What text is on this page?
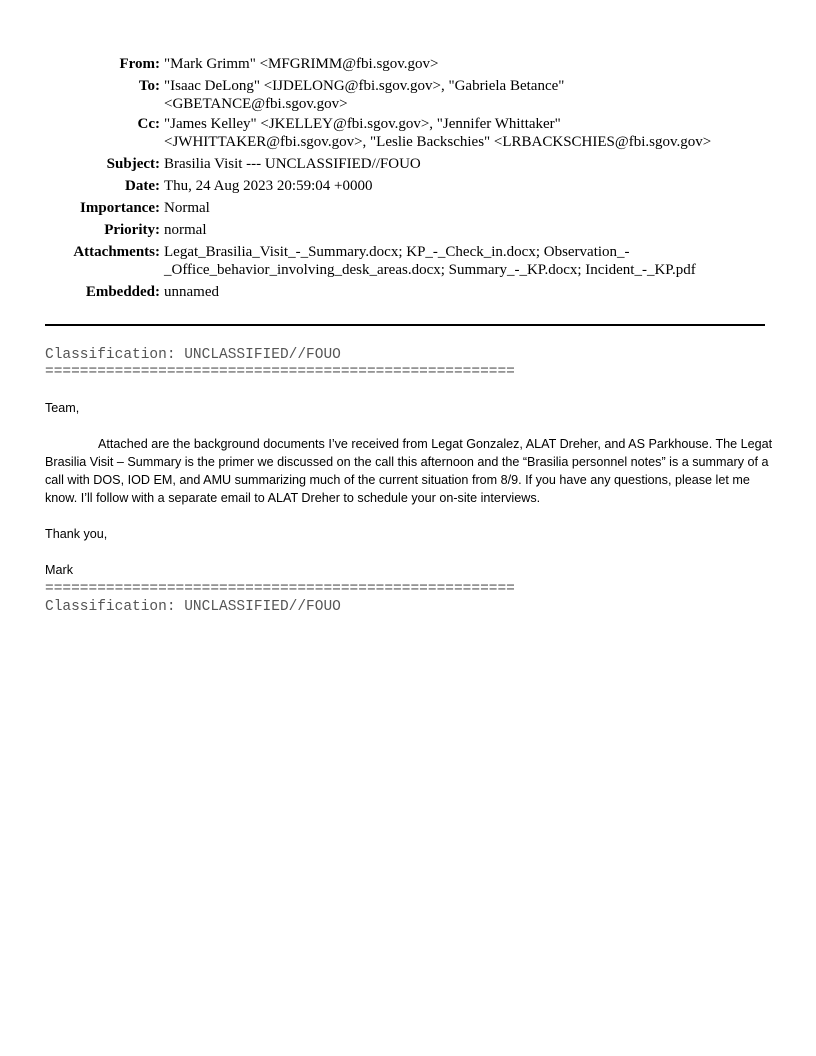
From: "Mark Grimm" <MFGRIMM@fbi.sgov.gov>
To: "Isaac DeLong" <IJDELONG@fbi.sgov.gov>, "Gabriela Betance"
<GBETANCE@fbi.sgov.gov>
Cc: "James Kelley" <JKELLEY@fbi.sgov.gov>, "Jennifer Whittaker"
<JWHITTAKER@fbi.sgov.gov>, "Leslie Backschies" <LRBACKSCHIES@fbi.sgov.gov>
Subject: Brasilia Visit --- UNCLASSIFIED//FOUO
Date: Thu, 24 Aug 2023 20:59:04 +0000
Importance: Normal
Priority: normal
Attachments: Legat_Brasilia_Visit_-_Summary.docx; KP_-_Check_in.docx; Observation_-
_Office_behavior_involving_desk_areas.docx; Summary_-_KP.docx; Incident_-_KP.pdf
Embedded: unnamed
Classification: UNCLASSIFIED//FOUO
======================================================
Team,
Attached are the background documents I’ve received from Legat Gonzalez, ALAT Dreher, and AS Parkhouse. The Legat Brasilia Visit – Summary is the primer we discussed on the call this afternoon and the “Brasilia personnel notes” is a summary of a call with DOS, IOD EM, and AMU summarizing much of the current situation from 8/9. If you have any questions, please let me know. I’ll follow with a separate email to ALAT Dreher to schedule your on-site interviews.
Thank you,
Mark
======================================================
Classification: UNCLASSIFIED//FOUO
